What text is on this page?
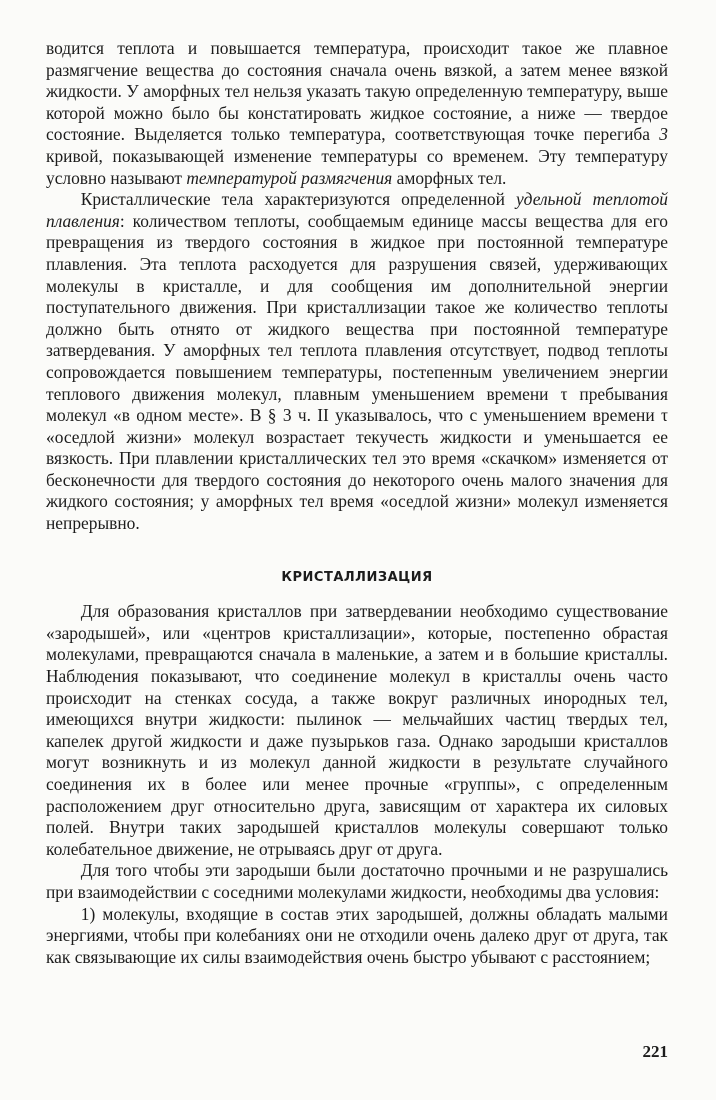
водится теплота и повышается температура, происходит такое же плавное размягчение вещества до состояния сначала очень вязкой, а затем менее вязкой жидкости. У аморфных тел нельзя указать такую определенную температуру, выше которой можно было бы констатировать жидкое состояние, а ниже — твердое состояние. Выделяется только температура, соответствующая точке перегиба 3 кривой, показывающей изменение температуры со временем. Эту температуру условно называют температурой размягчения аморфных тел.

Кристаллические тела характеризуются определенной удельной теплотой плавления: количеством теплоты, сообщаемым единице массы вещества для его превращения из твердого состояния в жидкое при постоянной температуре плавления. Эта теплота расходуется для разрушения связей, удерживающих молекулы в кристалле, и для сообщения им дополнительной энергии поступательного движения. При кристаллизации такое же количество теплоты должно быть отнято от жидкого вещества при постоянной температуре затвердевания. У аморфных тел теплота плавления отсутствует, подвод теплоты сопровождается повышением температуры, постепенным увеличением энергии теплового движения молекул, плавным уменьшением времени τ пребывания молекул «в одном месте». В § 3 ч. II указывалось, что с уменьшением времени τ «оседлой жизни» молекул возрастает текучесть жидкости и уменьшается ее вязкость. При плавлении кристаллических тел это время «скачком» изменяется от бесконечности для твердого состояния до некоторого очень малого значения для жидкого состояния; у аморфных тел время «оседлой жизни» молекул изменяется непрерывно.

КРИСТАЛЛИЗАЦИЯ

Для образования кристаллов при затвердевании необходимо существование «зародышей», или «центров кристаллизации», которые, постепенно обрастая молекулами, превращаются сначала в маленькие, а затем и в большие кристаллы. Наблюдения показывают, что соединение молекул в кристаллы очень часто происходит на стенках сосуда, а также вокруг различных инородных тел, имеющихся внутри жидкости: пылинок — мельчайших частиц твердых тел, капелек другой жидкости и даже пузырьков газа. Однако зародыши кристаллов могут возникнуть и из молекул данной жидкости в результате случайного соединения их в более или менее прочные «группы», с определенным расположением друг относительно друга, зависящим от характера их силовых полей. Внутри таких зародышей кристаллов молекулы совершают только колебательное движение, не отрываясь друг от друга.

Для того чтобы эти зародыши были достаточно прочными и не разрушались при взаимодействии с соседними молекулами жидкости, необходимы два условия:

1) молекулы, входящие в состав этих зародышей, должны обладать малыми энергиями, чтобы при колебаниях они не отходили очень далеко друг от друга, так как связывающие их силы взаимодействия очень быстро убывают с расстоянием;

221
